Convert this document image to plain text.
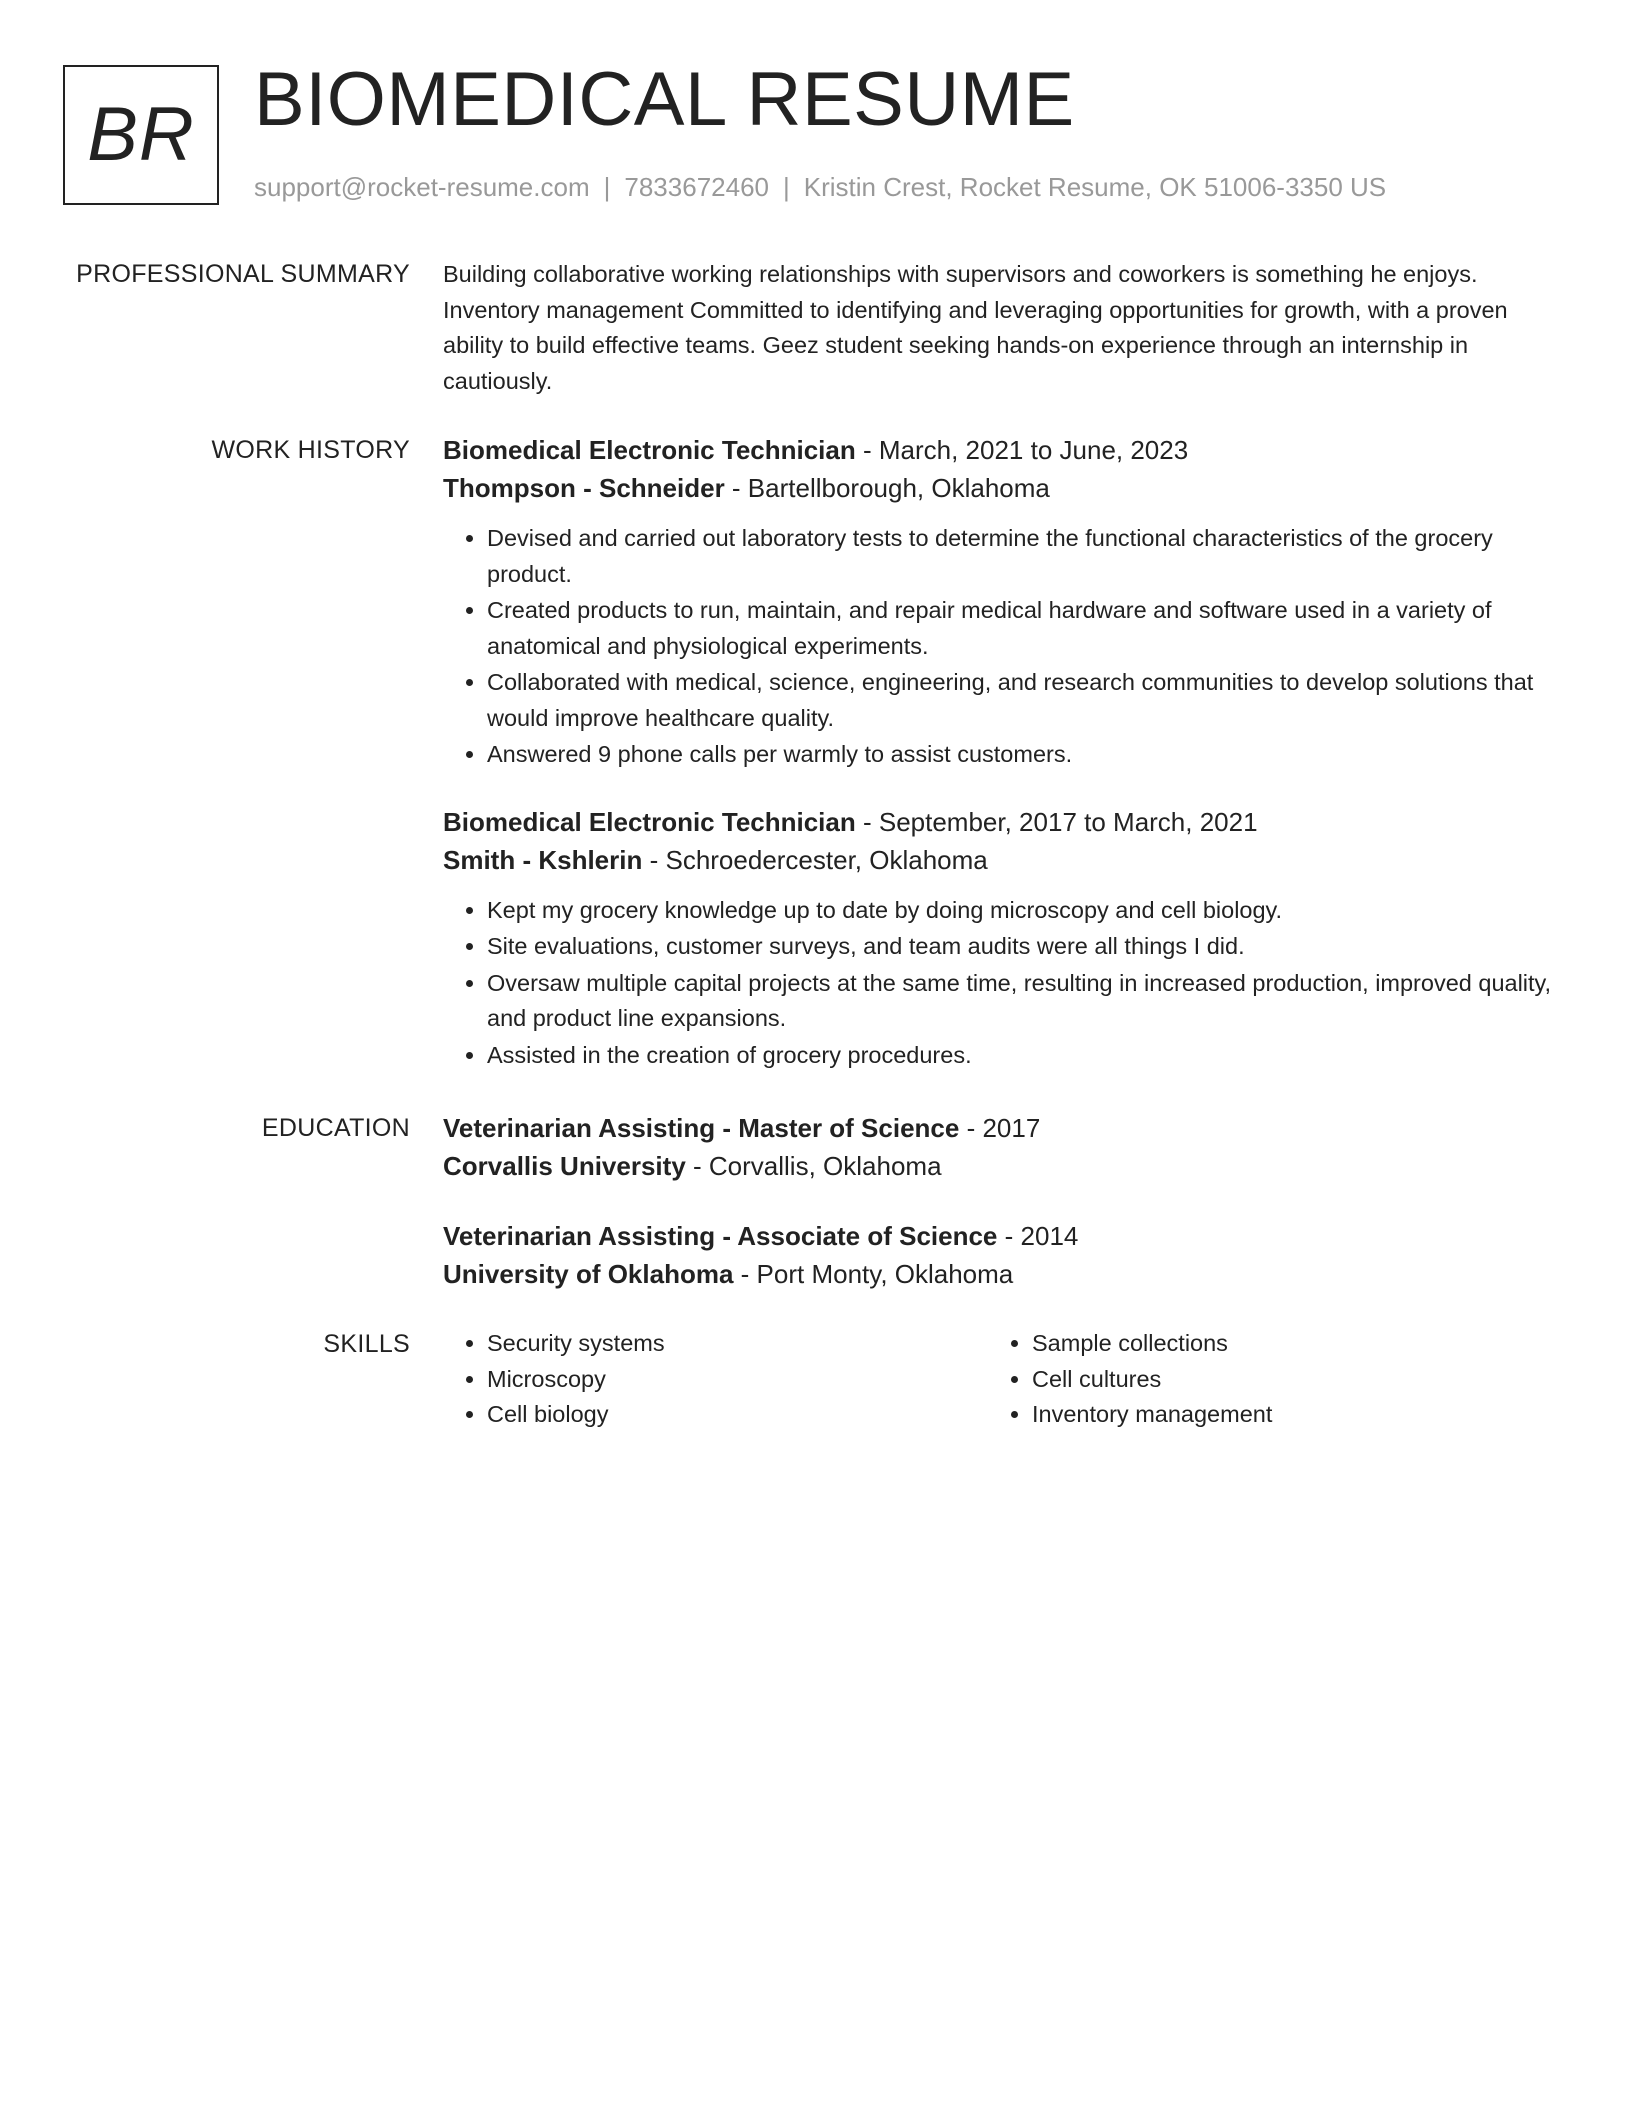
BR BIOMEDICAL RESUME
support@rocket-resume.com | 7833672460 | Kristin Crest, Rocket Resume, OK 51006-3350 US
PROFESSIONAL SUMMARY Building collaborative working relationships with supervisors and coworkers is something he enjoys. Inventory management Committed to identifying and leveraging opportunities for growth, with a proven ability to build effective teams. Geez student seeking hands-on experience through an internship in cautiously.

WORK HISTORY Biomedical Electronic Technician - March, 2021 to June, 2023
Thompson - Schneider - Bartellborough, Oklahoma
• Devised and carried out laboratory tests to determine the functional characteristics of the grocery product.
• Created products to run, maintain, and repair medical hardware and software used in a variety of anatomical and physiological experiments.
• Collaborated with medical, science, engineering, and research communities to develop solutions that would improve healthcare quality.
• Answered 9 phone calls per warmly to assist customers.
Biomedical Electronic Technician - September, 2017 to March, 2021
Smith - Kshlerin - Schroedercester, Oklahoma
• Kept my grocery knowledge up to date by doing microscopy and cell biology.
• Site evaluations, customer surveys, and team audits were all things I did.
• Oversaw multiple capital projects at the same time, resulting in increased production, improved quality, and product line expansions.
• Assisted in the creation of grocery procedures.
EDUCATION Veterinarian Assisting - Master of Science - 2017
Corvallis University - Corvallis, Oklahoma
Veterinarian Assisting - Associate of Science - 2014
University of Oklahoma - Port Monty, Oklahoma
SKILLS
•	Security systems
• Microscopy
• Cell biology
• Sample collections
• Cell cultures
• Inventory management
